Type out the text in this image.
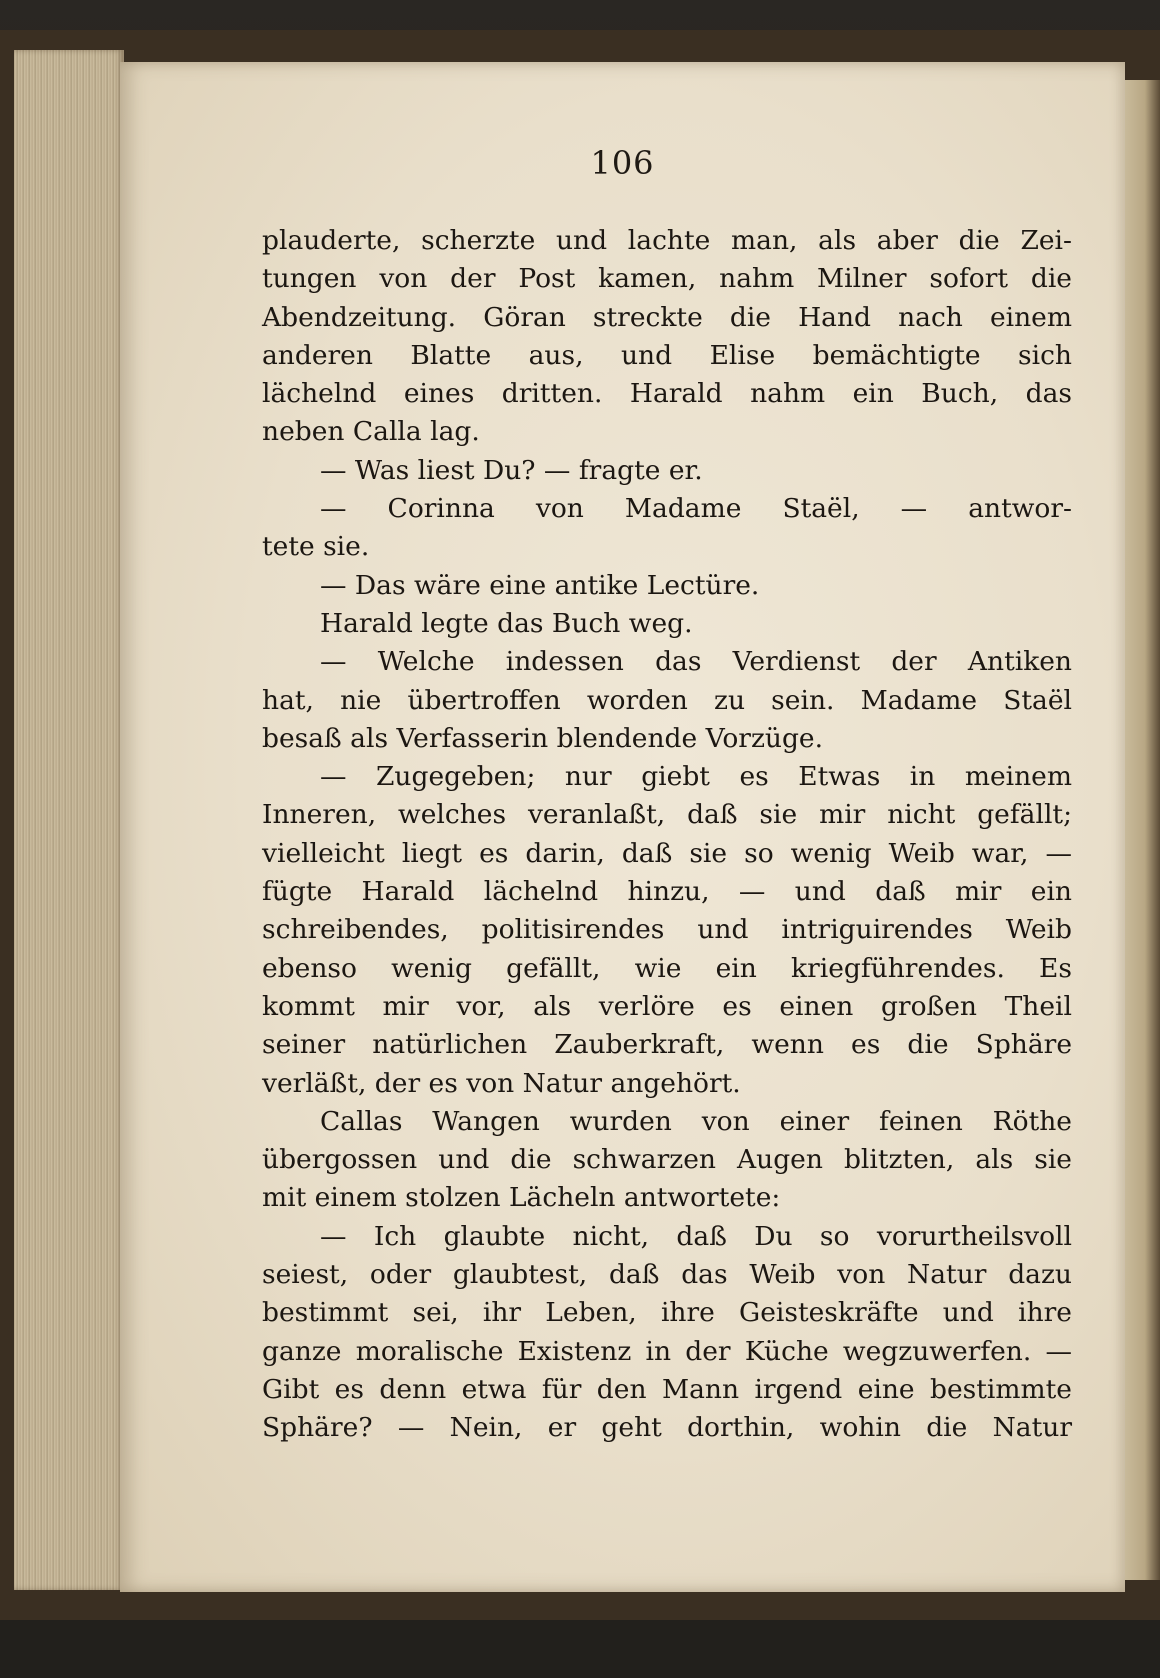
106
plauderte, scherzte und lachte man, als aber die Zei-
tungen von der Post kamen, nahm Milner sofort die
Abendzeitung. Göran streckte die Hand nach einem
anderen Blatte aus, und Elise bemächtigte sich
lächelnd eines dritten. Harald nahm ein Buch, das
neben Calla lag.
— Was liest Du? — fragte er.
— Corinna von Madame Staël, — antwor-
tete sie.
— Das wäre eine antike Lectüre.
Harald legte das Buch weg.
— Welche indessen das Verdienst der Antiken
hat, nie übertroffen worden zu sein. Madame Staël
besaß als Verfasserin blendende Vorzüge.
— Zugegeben; nur giebt es Etwas in meinem
Inneren, welches veranlaßt, daß sie mir nicht gefällt;
vielleicht liegt es darin, daß sie so wenig Weib war, —
fügte Harald lächelnd hinzu, — und daß mir ein
schreibendes, politisirendes und intriguirendes Weib
ebenso wenig gefällt, wie ein kriegführendes. Es
kommt mir vor, als verlöre es einen großen Theil
seiner natürlichen Zauberkraft, wenn es die Sphäre
verläßt, der es von Natur angehört.
Callas Wangen wurden von einer feinen Röthe
übergossen und die schwarzen Augen blitzten, als sie
mit einem stolzen Lächeln antwortete:
— Ich glaubte nicht, daß Du so vorurtheilsvoll
seiest, oder glaubtest, daß das Weib von Natur dazu
bestimmt sei, ihr Leben, ihre Geisteskräfte und ihre
ganze moralische Existenz in der Küche wegzuwerfen. —
Gibt es denn etwa für den Mann irgend eine bestimmte
Sphäre? — Nein, er geht dorthin, wohin die Natur
